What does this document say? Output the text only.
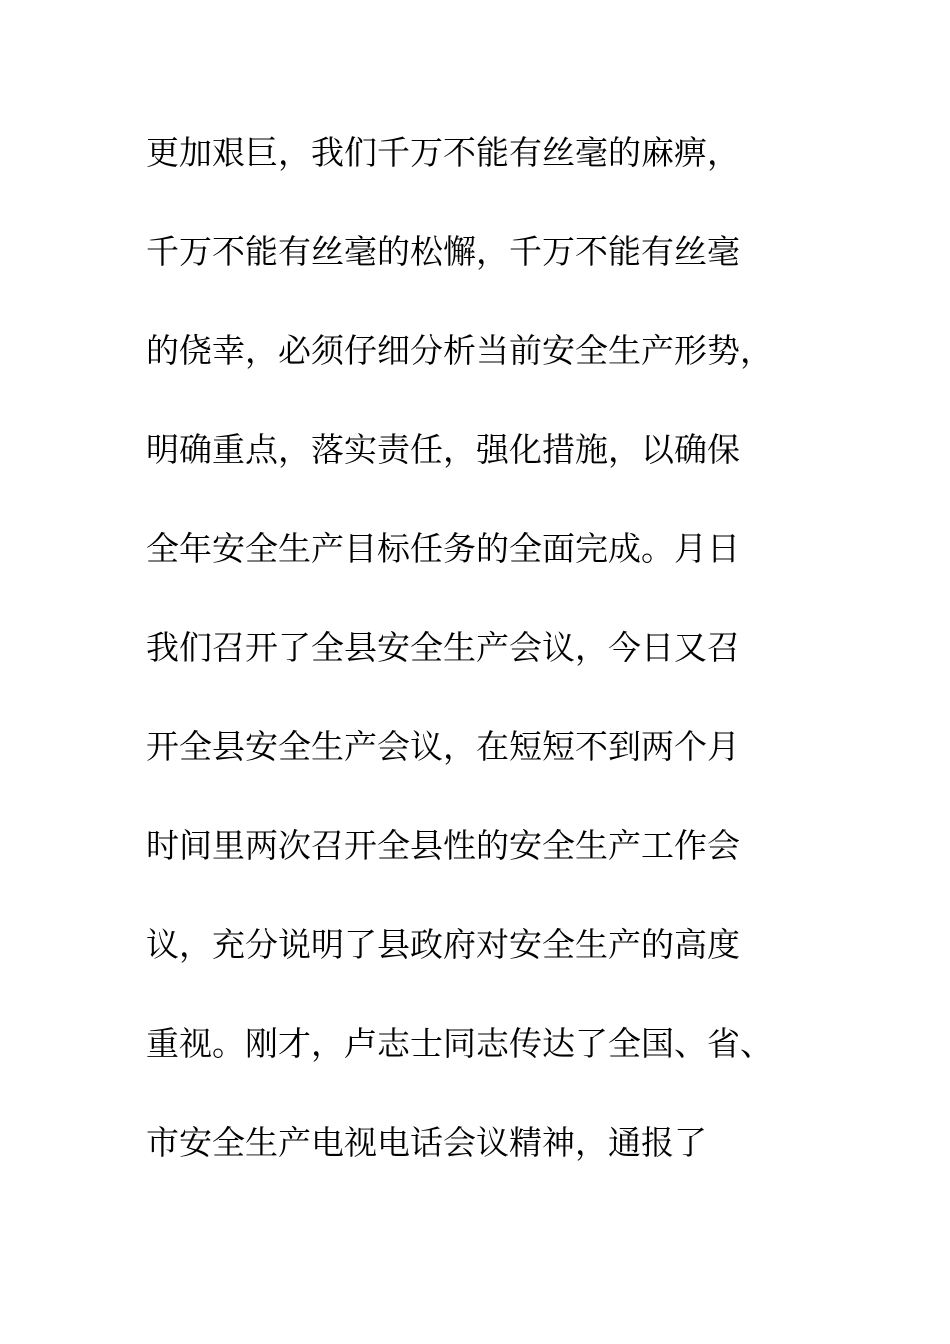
更加艰巨，我们千万不能有丝毫的麻痹，
千万不能有丝毫的松懈，千万不能有丝毫
的侥幸，必须仔细分析当前安全生产形势，
明确重点，落实责任，强化措施，以确保
全年安全生产目标任务的全面完成。月日
我们召开了全县安全生产会议，今日又召
开全县安全生产会议，在短短不到两个月
时间里两次召开全县性的安全生产工作会
议，充分说明了县政府对安全生产的高度
重视。刚才，卢志士同志传达了全国、省、
市安全生产电视电话会议精神，通报了
